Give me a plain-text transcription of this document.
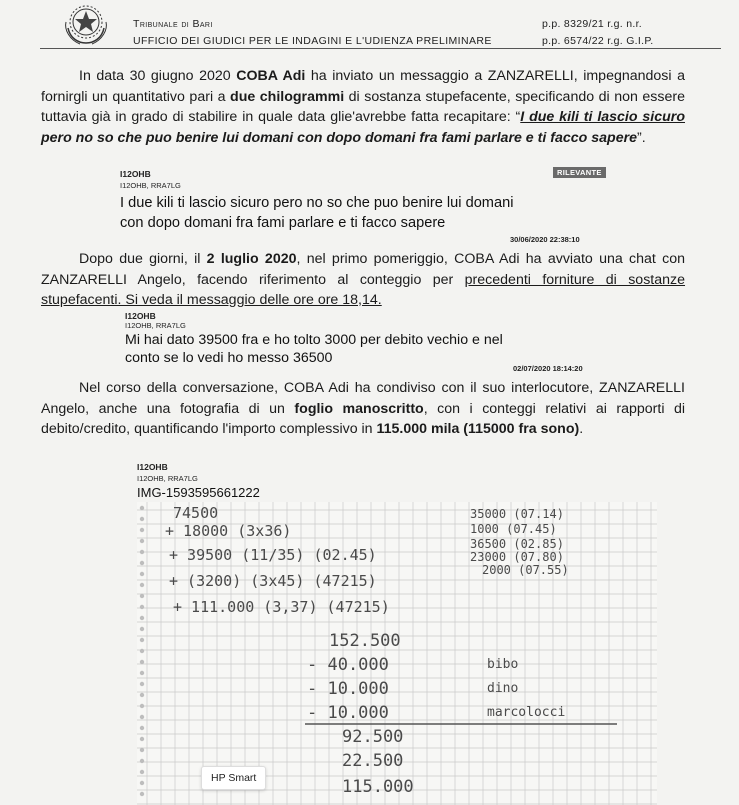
Tribunale di Bari
UFFICIO DEI GIUDICI PER LE INDAGINI E L'UDIENZA PRELIMINARE
p.p. 8329/21 r.g. n.r.
p.p. 6574/22 r.g. G.I.P.
In data 30 giugno 2020 COBA Adi ha inviato un messaggio a ZANZARELLI, impegnandosi a fornirgli un quantitativo pari a due chilogrammi di sostanza stupefacente, specificando di non essere tuttavia già in grado di stabilire in quale data glie'avrebbe fatta recapitare: “I due kili ti lascio sicuro pero no so che puo benire lui domani con dopo domani fra fami parlare e ti facco sapere”.
I12OHB	RILEVANTE
I12OHB, RRA7LG
I due kili ti lascio sicuro pero no so che puo benire lui domani
con dopo domani fra fami parlare e ti facco sapere
30/06/2020 22:38:10
Dopo due giorni, il 2 luglio 2020, nel primo pomeriggio, COBA Adi ha avviato una chat con ZANZARELLI Angelo, facendo riferimento al conteggio per precedenti forniture di sostanze stupefacenti. Si veda il messaggio delle ore ore 18,14.
I12OHB
I12OHB, RRA7LG
Mi hai dato 39500 fra e ho tolto 3000 per debito vechio e nel
conto se lo vedi ho messo 36500
02/07/2020 18:14:20
Nel corso della conversazione, COBA Adi ha condiviso con il suo interlocutore, ZANZARELLI Angelo, anche una fotografia di un foglio manoscritto, con i conteggi relativi ai rapporti di debito/credito, quantificando l'importo complessivo in 115.000 mila (115000 fra sono).
I12OHB
I12OHB, RRA7LG
IMG-1593595661222
74500
+ 18000 (3x36)
+ 39500 (11/35) (02.45)
+ (3200) (3x45) (47215)
+ 111.000 (3,37) (47215)
35000 (07.14)
1000 (07.45)
36500 (02.85)
23000 (07.80)
2000 (07.55)
152.500
- 40.000
- 10.000
- 10.000
bibo
dino
marcolocci
92.500
22.500
115.000
HP Smart
